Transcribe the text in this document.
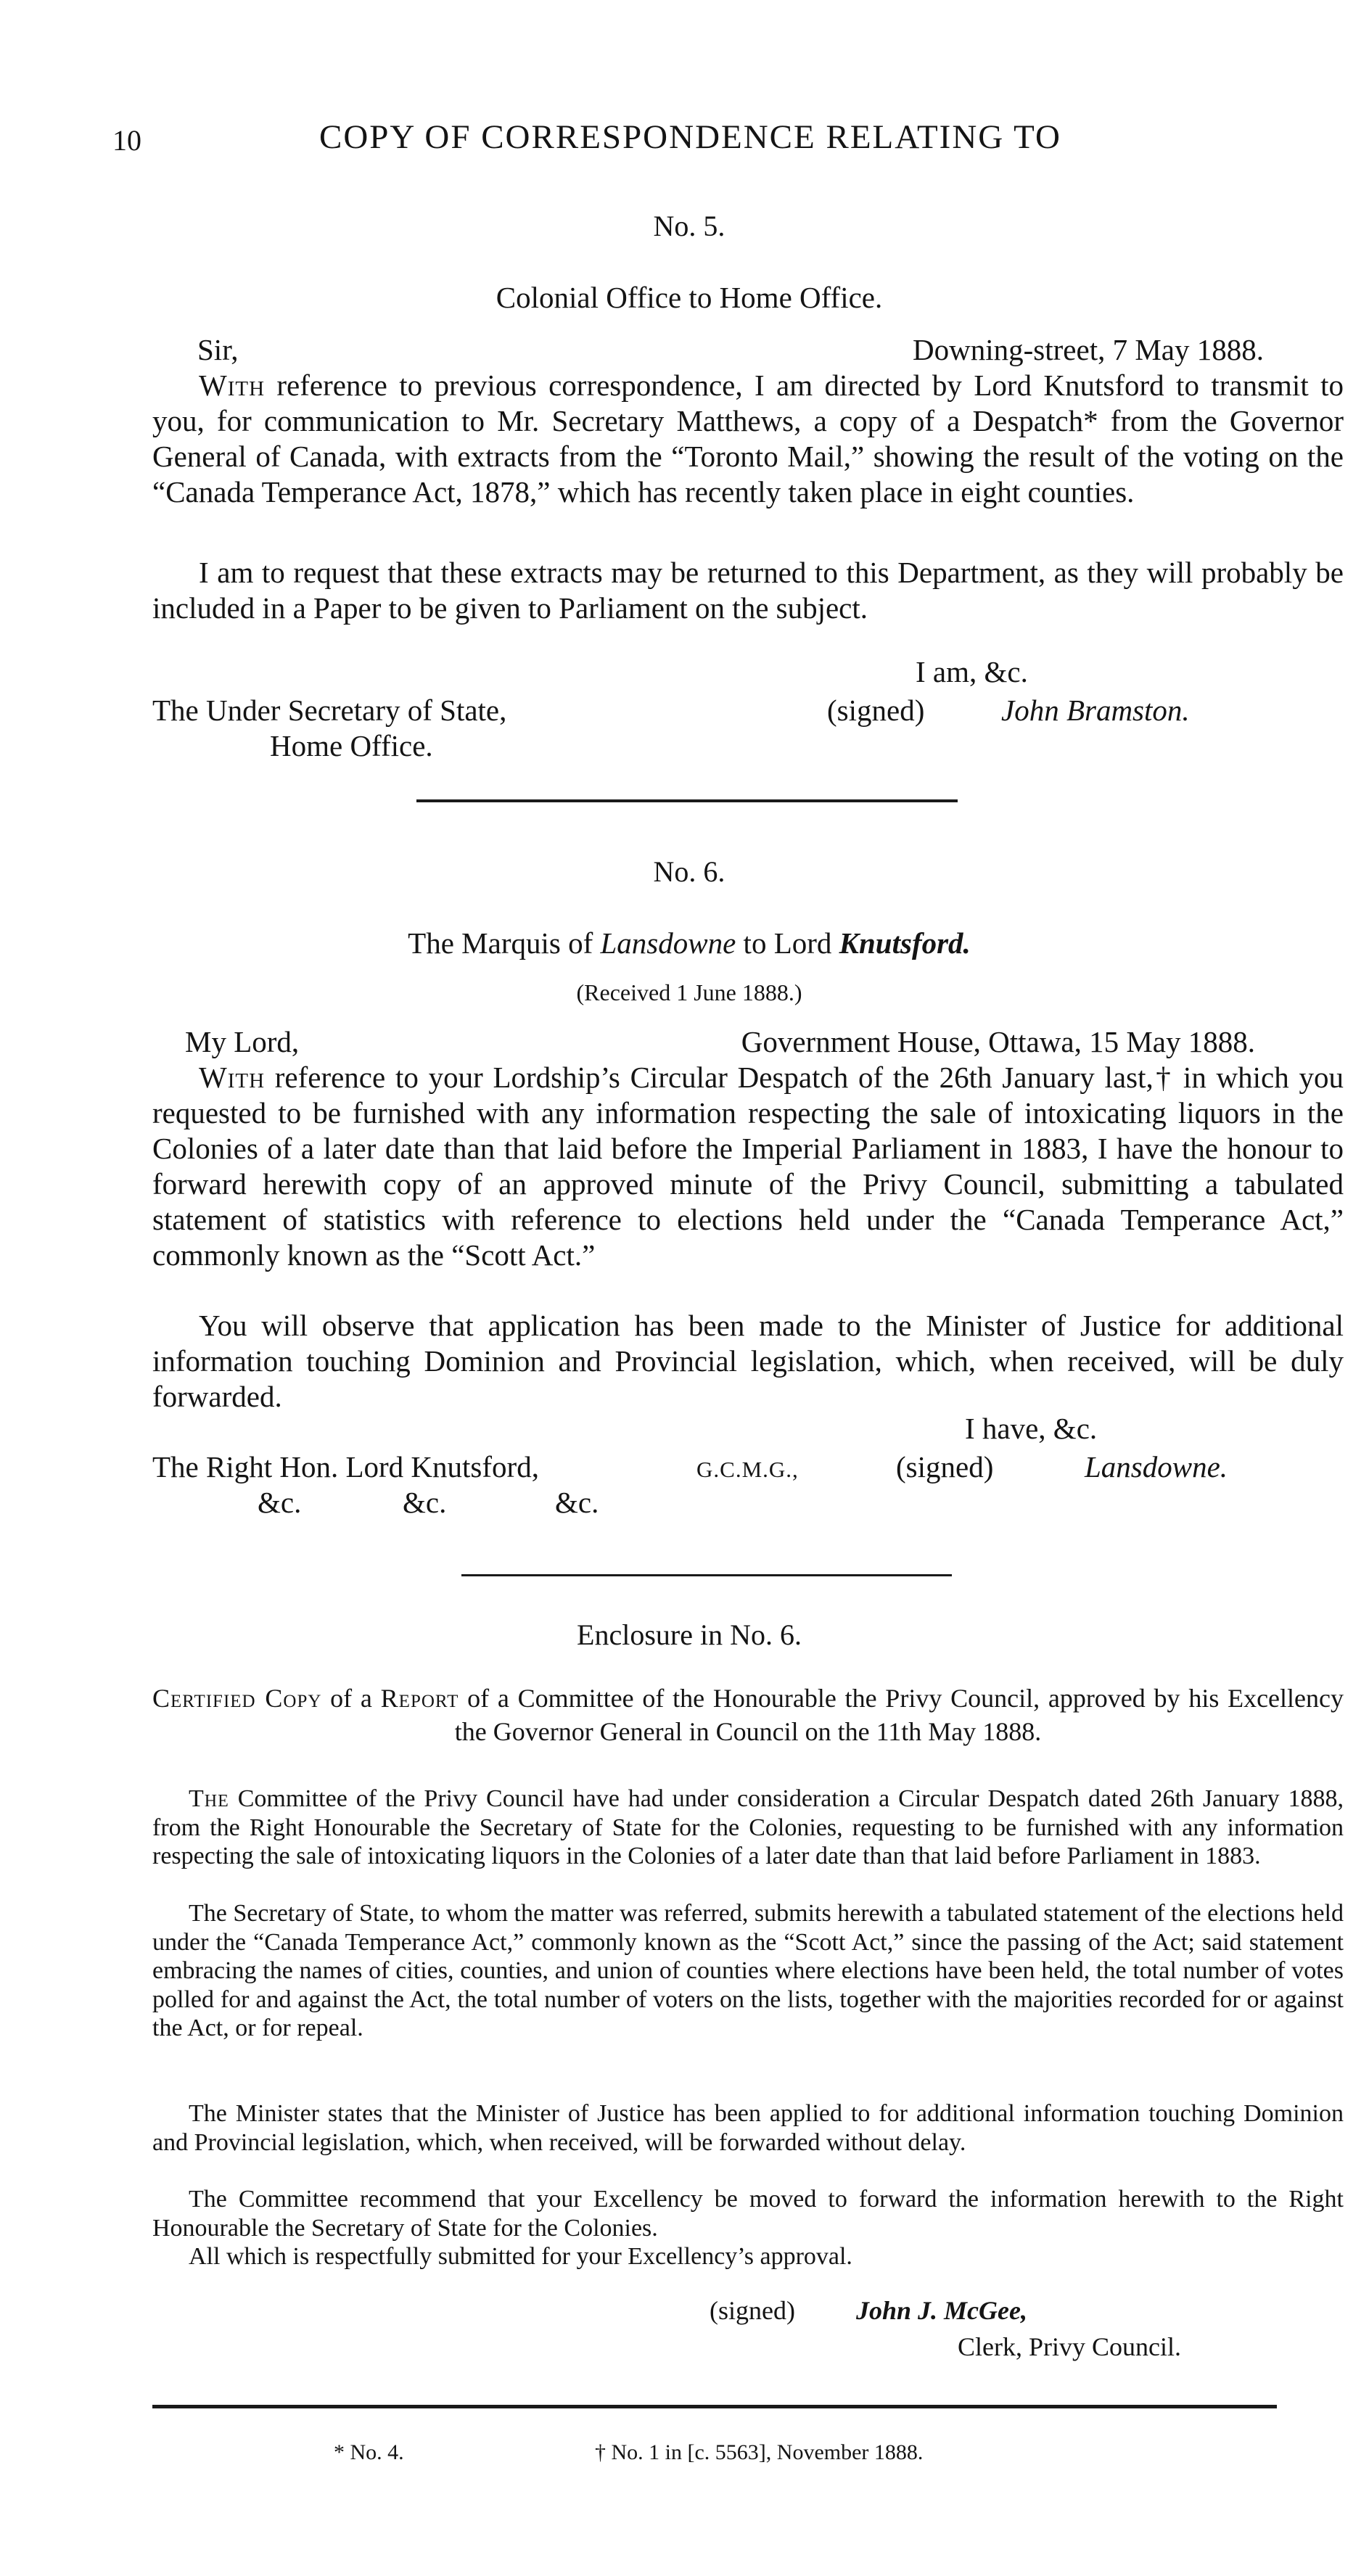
10	COPY OF CORRESPONDENCE RELATING TO
No. 5.
Colonial Office to Home Office.
Sir,	Downing-street, 7 May 1888.
With reference to previous correspondence, I am directed by Lord Knutsford to transmit to you, for communication to Mr. Secretary Matthews, a copy of a Despatch* from the Governor General of Canada, with extracts from the “Toronto Mail,” showing the result of the voting on the “Canada Temperance Act, 1878,” which has recently taken place in eight counties.
I am to request that these extracts may be returned to this Department, as they will probably be included in a Paper to be given to Parliament on the subject.
I am, &c.
The Under Secretary of State,	(signed)	John Bramston.
Home Office.
No. 6.
The Marquis of Lansdowne to Lord Knutsford.
(Received 1 June 1888.)
My Lord,	Government House, Ottawa, 15 May 1888.
With reference to your Lordship’s Circular Despatch of the 26th January last,† in which you requested to be furnished with any information respecting the sale of intoxicating liquors in the Colonies of a later date than that laid before the Imperial Parliament in 1883, I have the honour to forward herewith copy of an approved minute of the Privy Council, submitting a tabulated statement of statistics with reference to elections held under the “Canada Temperance Act,” commonly known as the “Scott Act.”
You will observe that application has been made to the Minister of Justice for additional information touching Dominion and Provincial legislation, which, when received, will be duly forwarded.
I have, &c.
The Right Hon. Lord Knutsford,	G.C.M.G.,	(signed)	Lansdowne.
&c.	&c.	&c.
Enclosure in No. 6.
Certified Copy of a Report of a Committee of the Honourable the Privy Council, approved by his Excellency the Governor General in Council on the 11th May 1888.
The Committee of the Privy Council have had under consideration a Circular Despatch dated 26th January 1888, from the Right Honourable the Secretary of State for the Colonies, requesting to be furnished with any information respecting the sale of intoxicating liquors in the Colonies of a later date than that laid before Parliament in 1883.
The Secretary of State, to whom the matter was referred, submits herewith a tabulated statement of the elections held under the “Canada Temperance Act,” commonly known as the “Scott Act,” since the passing of the Act; said statement embracing the names of cities, counties, and union of counties where elections have been held, the total number of votes polled for and against the Act, the total number of voters on the lists, together with the majorities recorded for or against the Act, or for repeal.
The Minister states that the Minister of Justice has been applied to for additional information touching Dominion and Provincial legislation, which, when received, will be forwarded without delay.
The Committee recommend that your Excellency be moved to forward the information herewith to the Right Honourable the Secretary of State for the Colonies.
All which is respectfully submitted for your Excellency’s approval.
(signed) John J. McGee,
Clerk, Privy Council.
* No. 4.	† No. 1 in [c. 5563], November 1888.
